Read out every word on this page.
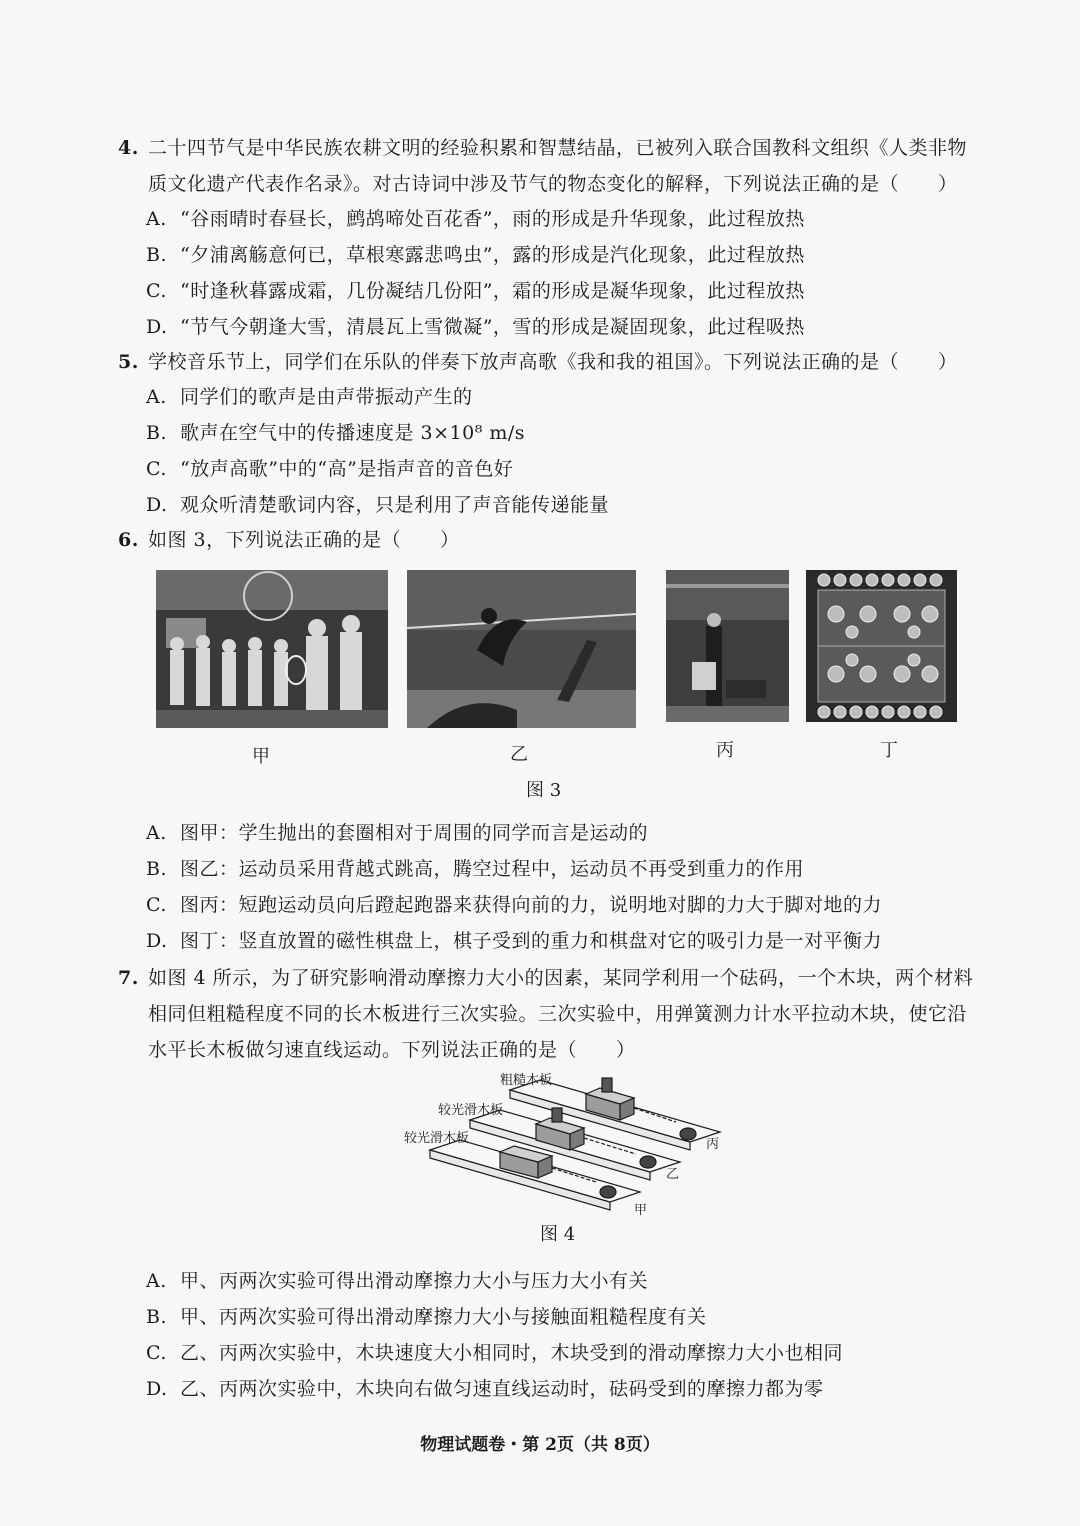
4. 二十四节气是中华民族农耕文明的经验积累和智慧结晶，已被列入联合国教科文组织《人类非物质文化遗产代表作名录》。对古诗词中涉及节气的物态变化的解释，下列说法正确的是（　　）
A. “谷雨晴时春昼长，鹧鸪啼处百花香”，雨的形成是升华现象，此过程放热
B. “夕浦离觞意何已，草根寒露悲鸣虫”，露的形成是汽化现象，此过程放热
C. “时逢秋暮露成霜，几份凝结几份阳”，霜的形成是凝华现象，此过程放热
D. “节气今朝逢大雪，清晨瓦上雪微凝”，雪的形成是凝固现象，此过程吸热
5. 学校音乐节上，同学们在乐队的伴奏下放声高歌《我和我的祖国》。下列说法正确的是（　　）
A. 同学们的歌声是由声带振动产生的
B. 歌声在空气中的传播速度是 3×10⁸ m/s
C. “放声高歌”中的“高”是指声音的音色好
D. 观众听清楚歌词内容，只是利用了声音能传递能量
6. 如图 3，下列说法正确的是（　　）
甲	乙	丙	丁
图 3
A. 图甲：学生抛出的套圈相对于周围的同学而言是运动的
B. 图乙：运动员采用背越式跳高，腾空过程中，运动员不再受到重力的作用
C. 图丙：短跑运动员向后蹬起跑器来获得向前的力，说明地对脚的力大于脚对地的力
D. 图丁：竖直放置的磁性棋盘上，棋子受到的重力和棋盘对它的吸引力是一对平衡力
7. 如图 4 所示，为了研究影响滑动摩擦力大小的因素，某同学利用一个砝码，一个木块，两个材料相同但粗糙程度不同的长木板进行三次实验。三次实验中，用弹簧测力计水平拉动木块，使它沿水平长木板做匀速直线运动。下列说法正确的是（　　）
粗糙木板
较光滑木板
较光滑木板	丙
乙
甲
图 4
A. 甲、丙两次实验可得出滑动摩擦力大小与压力大小有关
B. 甲、丙两次实验可得出滑动摩擦力大小与接触面粗糙程度有关
C. 乙、丙两次实验中，木块速度大小相同时，木块受到的滑动摩擦力大小也相同
D. 乙、丙两次实验中，木块向右做匀速直线运动时，砝码受到的摩擦力都为零
物理试题卷・第 2页（共 8页）
